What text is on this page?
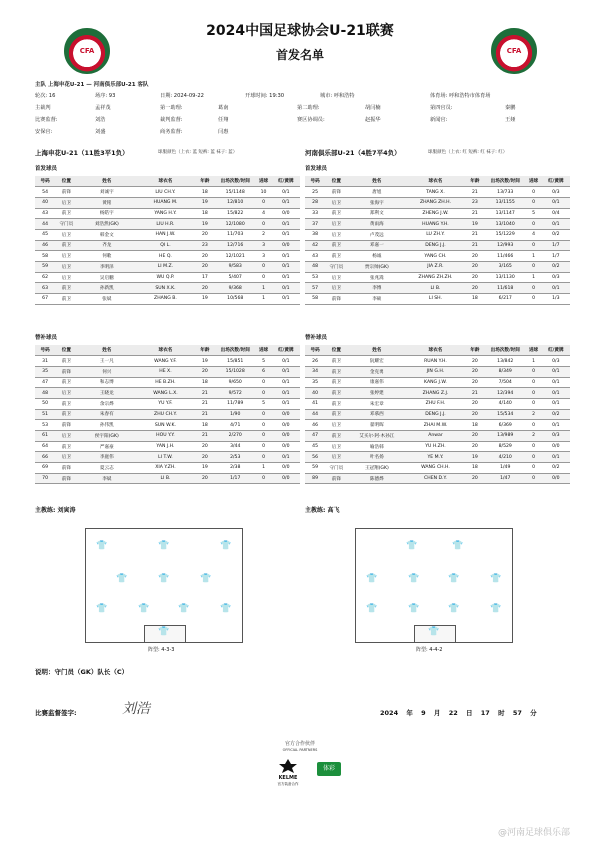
CFA	CFA
2024中国足球协会U-21联赛
首发名单
主队 上海申花U-21 — 河南俱乐部U-21 客队
轮次: 16	场序: 93	日期: 2024-09-22	开球时间: 19:30	城市: 呼和浩特	体育场: 呼和浩特市体育场
主裁判	孟祥茂	第一助理:	葛南	第二助理:	胡闫楠	第四官员:	秦鹏
比赛监督:	刘浩	裁判监督:	任翔	赛区协调员:	赵振华	新闻官:	王娅
安保官:	刘盛	商务监督:	闫惠
上海申花U-21（11胜3平1负）	球服颜色（上衣: 蓝 短裤: 蓝 袜子: 蓝）	河南俱乐部U-21（4胜7平4负）	球服颜色（上衣: 红 短裤: 红 袜子: 红）
首发球员	首发球员
号码	位置	姓名	球衣名	年龄	出场次数/时间	进球	红/黄牌
54	前锋	刘诚宇	LIU CH.Y.	18	15/1148	10	0/1
40	后卫	黄铭	HUANG M.	19	12/810	0	0/1
43	前卫	杨皓宇	YANG H.Y.	18	15/822	4	0/0
44	守门员	刘浩然(GK)	LIU H.R.	19	12/1080	0	0/1
45	后卫	韩金文	HAN J.W.	20	11/703	2	0/1
46	前卫	齐龙	QI L.	23	12/716	3	0/0
58	后卫	何歌	HE Q.	20	12/1021	3	0/1
59	后卫	李明泽	LI M.Z.	20	9/583	0	0/1
62	后卫	吴启鹏	WU Q.P.	17	5/407	0	0/1
63	前卫	孙新凯	SUN X.K.	20	9/368	1	0/1
67	前卫	张斌	ZHANG B.	19	10/568	1	0/1
号码	位置	姓名	球衣名	年龄	出场次数/时间	进球	红/黄牌
25	前锋	唐旭	TANG X.	21	13/733	0	0/3
28	后卫	张海宇	ZHANG ZH.H.	23	13/1155	0	0/1
33	前卫	郑利文	ZHENG J.W.	21	13/1147	5	0/4
37	后卫	黄雨海	HUANG Y.H.	19	13/1040	0	0/1
38	后卫	卢茂远	LU ZH.Y.	21	15/1229	4	0/2
42	前卫	邓嘉一	DENG J.J.	21	12/993	0	1/7
43	前卫	杨诚	YANG CH.	20	11/466	1	1/7
48	守门员	贾宗帅(GK)	JIA Z.R.	20	3/165	0	0/2
53	后卫	张兆嵩	ZHANG ZH.ZH.	20	13/1130	1	0/3
57	后卫	李博	LI B.	20	11/618	0	0/1
58	前锋	李硕	LI SH.	18	6/217	0	1/3
替补球员	替补球员
号码	位置	姓名	球衣名	年龄	出场次数/时间	进球	红/黄牌
31	前卫	王一凡	WANG Y.F.	19	15/851	5	0/1
35	前锋	何兴	HE X.	20	15/1028	6	0/1
47	前卫	和志博	HE B.ZH.	18	9/650	0	0/1
48	后卫	王晓龙	WANG L.X.	21	9/572	0	0/1
50	前卫	余宗烨	YU Y.F.	21	11/789	5	0/1
51	前卫	朱春有	ZHU CH.Y.	21	1/90	0	0/0
53	前锋	孙伟凯	SUN W.K.	18	4/71	0	0/0
61	后卫	侯宇阳(GK)	HOU Y.Y.	21	2/270	0	0/0
64	前卫	严嘉豪	YAN J.H.	20	3/44	0	0/0
66	后卫	李庭伟	LI T.W.	20	2/53	0	0/1
69	前锋	夏云志	XIA Y.ZH.	19	2/38	1	0/0
70	前锋	李斌	LI B.	20	1/17	0	0/0
号码	位置	姓名	球衣名	年龄	出场次数/时间	进球	红/黄牌
26	前卫	阮耀宏	RUAN Y.H.	20	13/842	1	0/3
34	前卫	金克勇	JIN G.H.	20	8/349	0	0/1
35	前卫	康嘉伟	KANG J.W.	20	7/504	0	0/1
40	前卫	张婷建	ZHANG Z.J.	21	12/394	0	0/1
41	前卫	朱宏章	ZHU F.H.	20	4/140	0	0/1
44	前卫	邓慕西	DENG J.J.	20	15/534	2	0/2
46	后卫	翟明晖	ZHAI M.W.	18	6/369	0	0/1
47	前卫	艾买尔·阿·木孙江	Anwar	20	13/989	2	0/3
45	后卫	喻浩韩	YU H.ZH.	20	8/529	0	0/0
56	后卫	叶名扬	YE M.Y.	19	4/210	0	0/1
59	守门员	王冠翔(GK)	WANG CH.H.	18	1/49	0	0/2
89	前锋	陈德烨	CHEN D.Y.	20	1/47	0	0/0
主教练: 刘寅涛	主教练: 高飞
👕	👕	👕
👕	👕	👕
👕	👕	👕	👕
👕
阵型: 4-3-3
👕	👕
👕	👕	👕	👕
👕	👕	👕	👕
👕
阵型: 4-4-2
说明：守门员（GK）队长（C）
比赛监督签字:	刘浩	2024 年 9 月 22 日 17 时 57 分
官方合作伙伴
OFFICIAL PARTNERS
KELME
官方装备合作
体彩
@河南足球俱乐部
